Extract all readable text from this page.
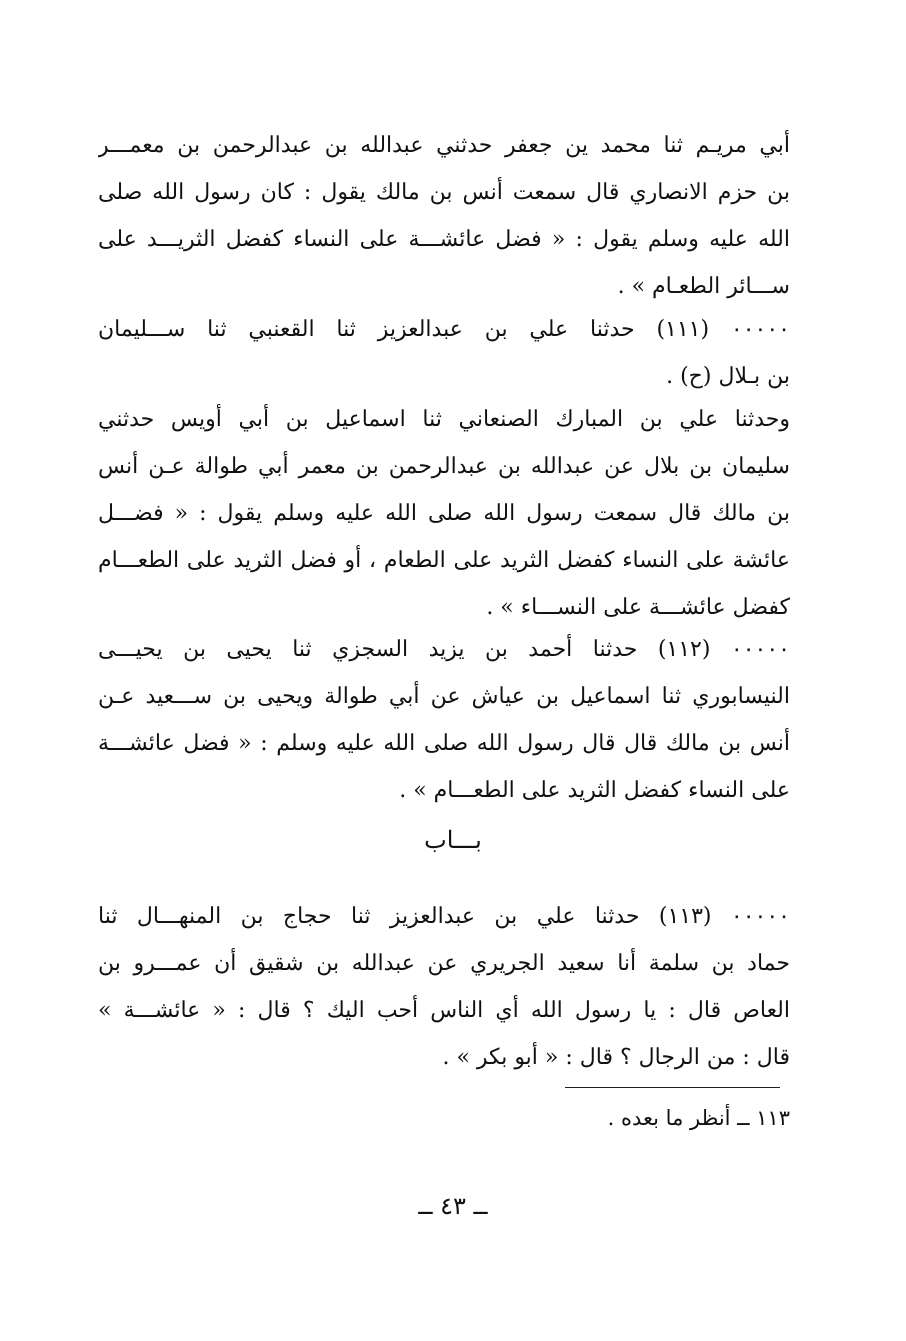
أبي مريـم ثنا محمد ين جعفر حدثني عبدالله بن عبدالرحمن بن معمـــر
بن حزم الانصاري قال سمعت أنس بن مالك يقول : كان رسول الله صلى
الله عليه وسلم يقول : « فضل عائشـــة على النساء كفضل الثريـــد على
ســـائر الطعـام » .
٠٠٠٠٠ (١١١) حدثنا علي بن عبدالعزيز ثنا القعنبي ثنا ســـليمان
بن بـلال (ح) .
وحدثنا علي بن المبارك الصنعاني ثنا اسماعيل بن أبي أويس حدثني
سليمان بن بلال عن عبدالله بن عبدالرحمن بن معمر أبي طوالة عـن أنس
بن مالك قال سمعت رسول الله صلى الله عليه وسلم يقول : « فضـــل
عائشة على النساء كفضل الثريد على الطعام ، أو فضل الثريد على الطعـــام
كفضل عائشـــة على النســـاء » .
٠٠٠٠٠ (١١٢) حدثنا أحمد بن يزيد السجزي ثنا يحيى بن يحيـــى
النيسابوري ثنا اسماعيل بن عياش عن أبي طوالة ويحيى بن ســـعيد عـن
أنس بن مالك قال قال رسول الله صلى الله عليه وسلم : « فضل عائشـــة
على النساء كفضل الثريد على الطعـــام » .
بـــاب
٠٠٠٠٠ (١١٣) حدثنا علي بن عبدالعزيز ثنا حجاج بن المنهـــال ثنا
حماد بن سلمة أنا سعيد الجريري عن عبدالله بن شقيق أن عمـــرو بن
العاص قال : يا رسول الله أي الناس أحب اليك ؟ قال : « عائشـــة »
قال : من الرجال ؟ قال : « أبو بكر » .
١١٣ ــ أنظر ما بعده .
ــ ٤٣ ــ
